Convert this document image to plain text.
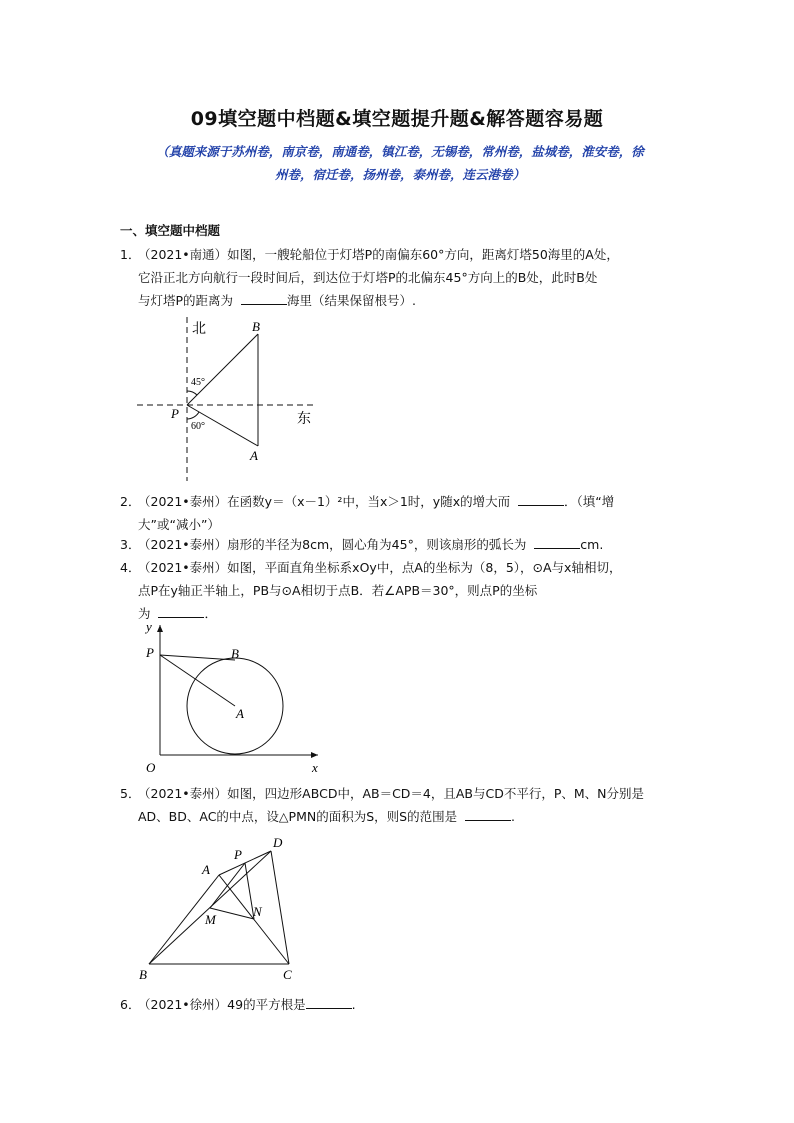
09填空题中档题&填空题提升题&解答题容易题
（真题来源于苏州卷，南京卷，南通卷，镇江卷，无锡卷，常州卷，盐城卷，淮安卷，徐
州卷，宿迁卷，扬州卷，泰州卷，连云港卷）
一、填空题中档题
1．（2021•南通）如图，一艘轮船位于灯塔P的南偏东60°方向，距离灯塔50海里的A处，
它沿正北方向航行一段时间后，到达位于灯塔P的北偏东45°方向上的B处，此时B处
与灯塔P的距离为	海里（结果保留根号）.
北
东
45°
60°
P
B
A
2．（2021•泰州）在函数y＝（x－1）²中，当x＞1时，y随x的增大而	．（填“增
大”或“减小”）
3．（2021•泰州）扇形的半径为8cm，圆心角为45°，则该扇形的弧长为	cm.
4．（2021•泰州）如图，平面直角坐标系xOy中，点A的坐标为（8，5），⊙A与x轴相切，
点P在y轴正半轴上，PB与⊙A相切于点B．若∠APB＝30°，则点P的坐标
为	．
y
x
O
P	B
A
5．（2021•泰州）如图，四边形ABCD中，AB＝CD＝4，且AB与CD不平行，P、M、N分别是
AD、BD、AC的中点，设△PMN的面积为S，则S的范围是	.
A
B	C
D
P
M
N
6．（2021•徐州）49的平方根是	.
